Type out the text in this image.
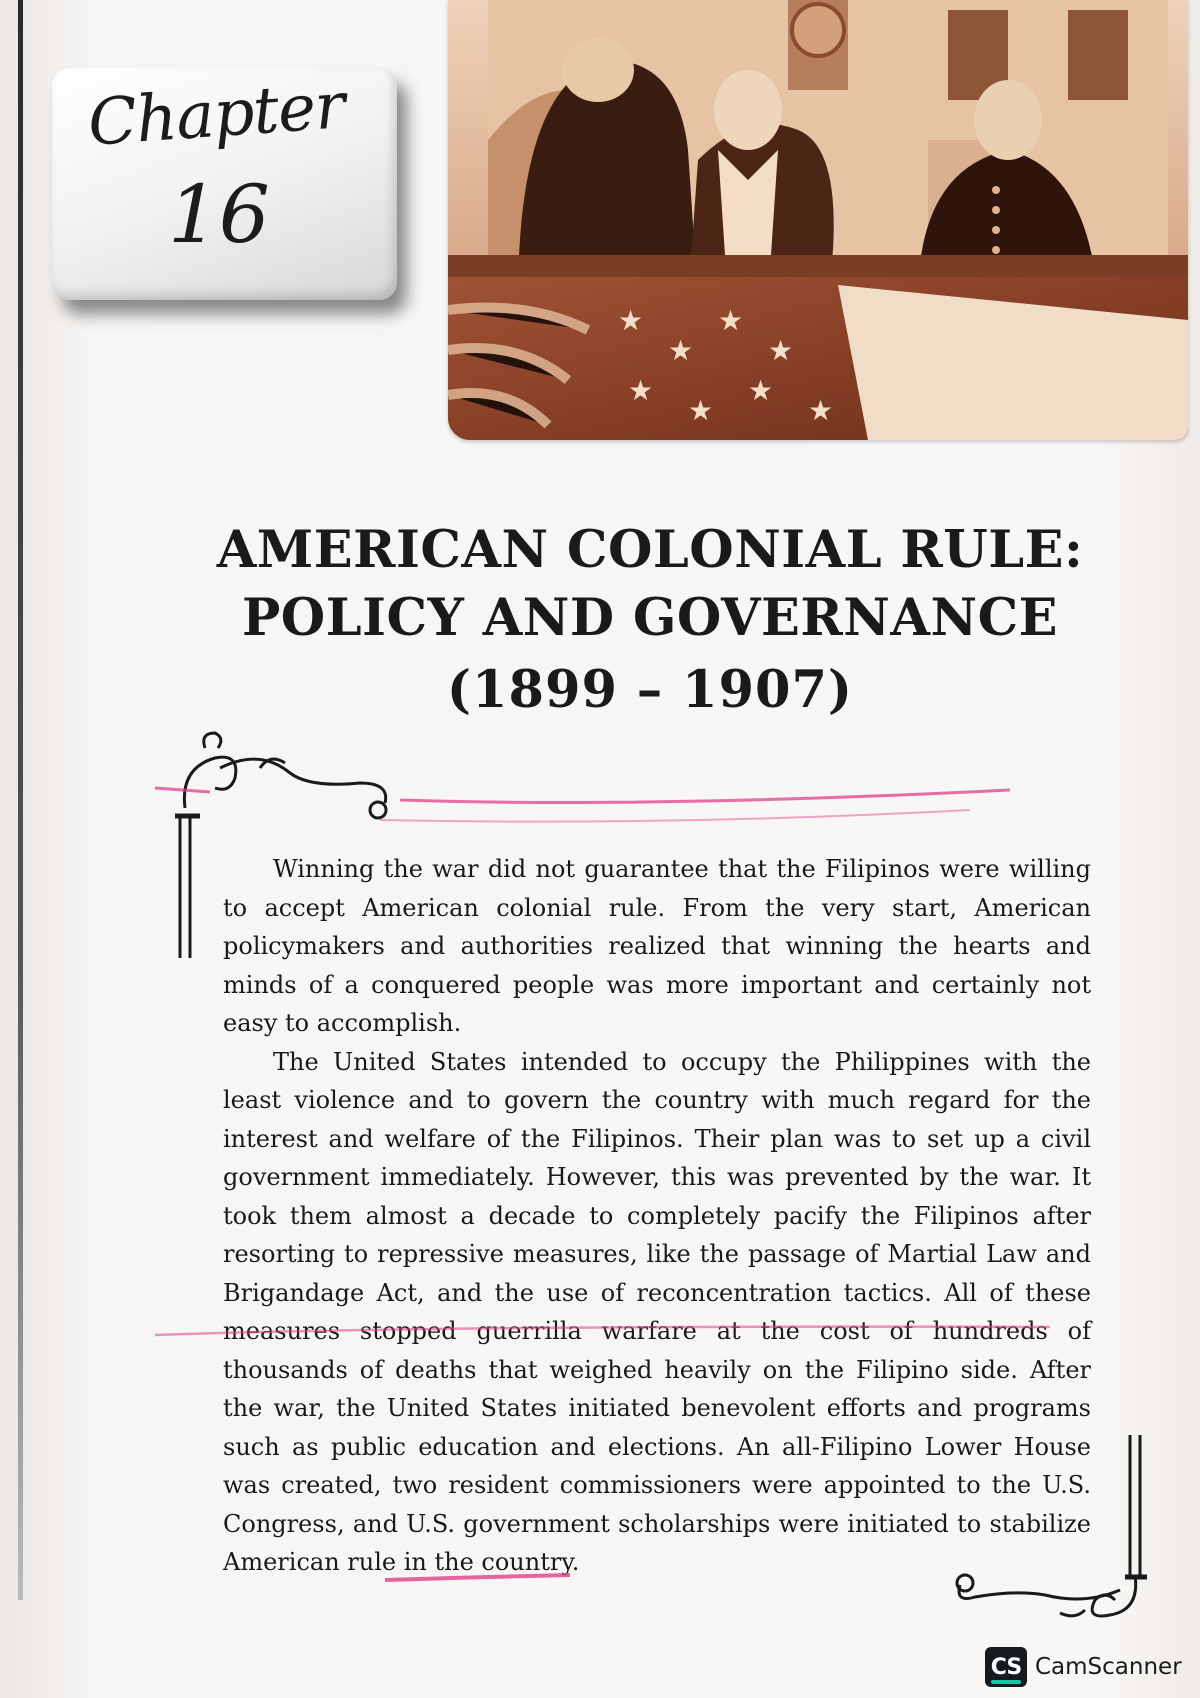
Chapter
16
★
★
★
★
★
★
★
★
AMERICAN COLONIAL RULE:
POLICY AND GOVERNANCE
(1899 – 1907)

Winning the war did not guarantee that the Filipinos were willing to accept American colonial rule. From the very start, American policymakers and authorities realized that winning the hearts and minds of a conquered people was more important and certainly not easy to accomplish.

The United States intended to occupy the Philippines with the least violence and to govern the country with much regard for the interest and welfare of the Filipinos. Their plan was to set up a civil government immediately. However, this was prevented by the war. It took them almost a decade to completely pacify the Filipinos after resorting to repressive measures, like the passage of Martial Law and Brigandage Act, and the use of reconcentration tactics. All of these measures stopped guerrilla warfare at the cost of hundreds of thousands of deaths that weighed heavily on the Filipino side. After the war, the United States initiated benevolent efforts and programs such as public education and elections. An all-Filipino Lower House was created, two resident commissioners were appointed to the U.S. Congress, and U.S. government scholarships were initiated to stabilize American rule in the country.

CS CamScanner
